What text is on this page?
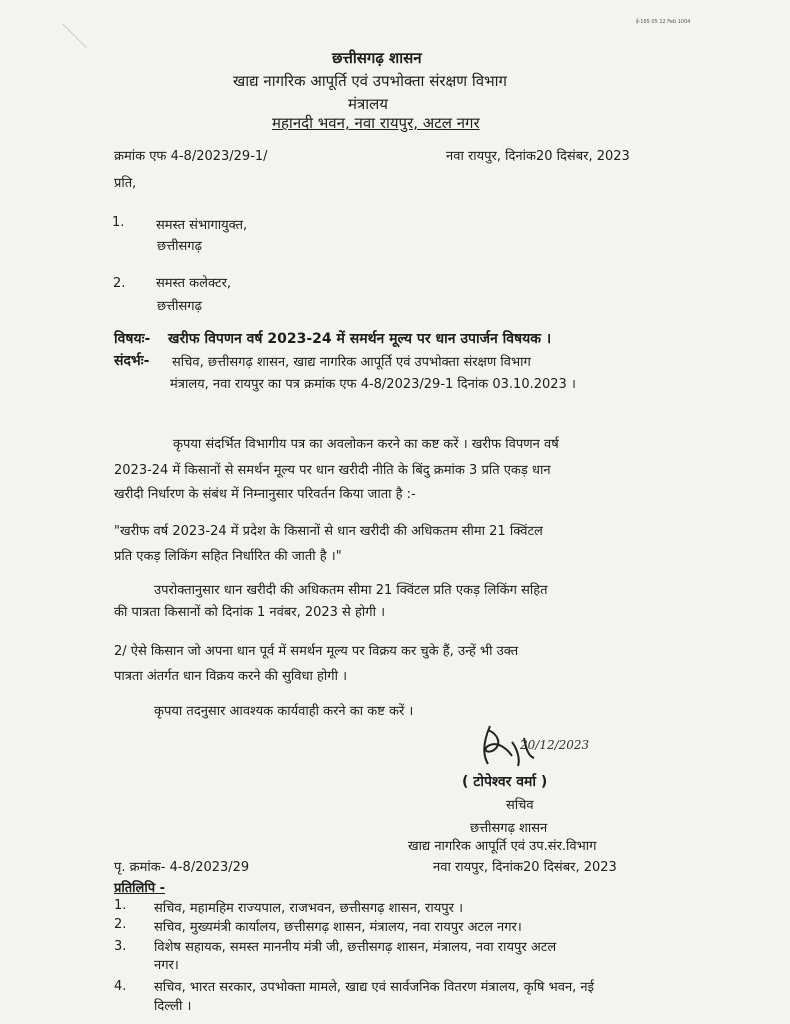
ई-165 05 12 Feb 1004
छत्तीसगढ़ शासन
खाद्य नागरिक आपूर्ति एवं उपभोक्ता संरक्षण विभाग
मंत्रालय
महानदी भवन, नवा रायपुर, अटल नगर
क्रमांक एफ 4-8/2023/29-1/	नवा रायपुर, दिनांक20 दिसंबर, 2023
प्रति,
1. समस्त संभागायुक्त,
छत्तीसगढ़
2. समस्त कलेक्टर,
छत्तीसगढ़
विषयः- खरीफ विपणन वर्ष 2023-24 में समर्थन मूल्य पर धान उपार्जन विषयक ।
संदर्भः- सचिव, छत्तीसगढ़ शासन, खाद्य नागरिक आपूर्ति एवं उपभोक्ता संरक्षण विभाग
मंत्रालय, नवा रायपुर का पत्र क्रमांक एफ 4-8/2023/29-1 दिनांक 03.10.2023 ।
कृपया संदर्भित विभागीय पत्र का अवलोकन करने का कष्ट करें । खरीफ विपणन वर्ष
2023-24 में किसानों से समर्थन मूल्य पर धान खरीदी नीति के बिंदु क्रमांक 3 प्रति एकड़ धान
खरीदी निर्धारण के संबंध में निम्नानुसार परिवर्तन किया जाता है :-
"खरीफ वर्ष 2023-24 में प्रदेश के किसानों से धान खरीदी की अधिकतम सीमा 21 क्विंटल
प्रति एकड़ लिकिंग सहित निर्धारित की जाती है ।"
उपरोक्तानुसार धान खरीदी की अधिकतम सीमा 21 क्विंटल प्रति एकड़ लिकिंग सहित
की पात्रता किसानों को दिनांक 1 नवंबर, 2023 से होगी ।
2/ ऐसे किसान जो अपना धान पूर्व में समर्थन मूल्य पर विक्रय कर चुके हैं, उन्हें भी उक्त
पात्रता अंतर्गत धान विक्रय करने की सुविधा होगी ।
कृपया तदनुसार आवश्यक कार्यवाही करने का कष्ट करें ।
20/12/2023
( टोपेश्वर वर्मा )
सचिव
छत्तीसगढ़ शासन
खाद्य नागरिक आपूर्ति एवं उप.संर.विभाग
नवा रायपुर, दिनांक20 दिसंबर, 2023
पृ. क्रमांक- 4-8/2023/29
प्रतिलिपि -
1. सचिव, महामहिम राज्यपाल, राजभवन, छत्तीसगढ़ शासन, रायपुर ।
2. सचिव, मुख्यमंत्री कार्यालय, छत्तीसगढ़ शासन, मंत्रालय, नवा रायपुर अटल नगर।
3. विशेष सहायक, समस्त माननीय मंत्री जी, छत्तीसगढ़ शासन, मंत्रालय, नवा रायपुर अटल
नगर।
4. सचिव, भारत सरकार, उपभोक्ता मामले, खाद्य एवं सार्वजनिक वितरण मंत्रालय, कृषि भवन, नई
दिल्ली ।
